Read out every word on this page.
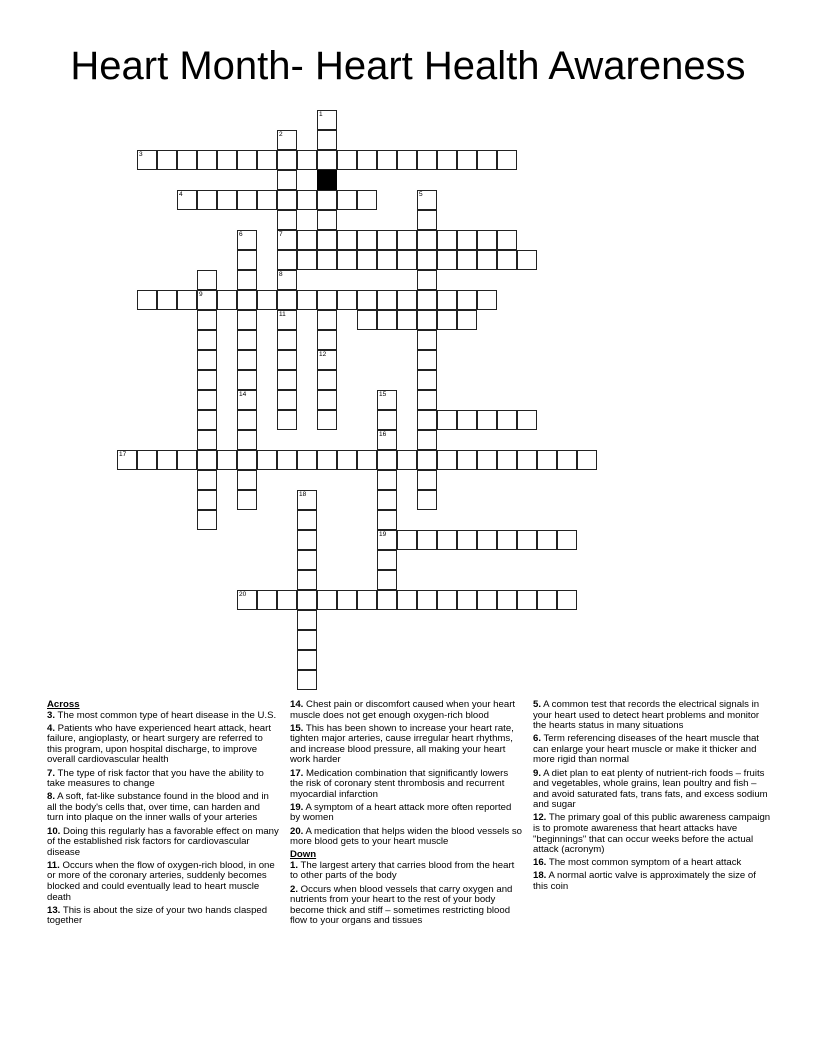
Heart Month- Heart Health Awareness
1
2
3
4	5
6	7
8
9
11
12
14	15
16
17
18
19
20
Across
3. The most common type of heart disease in the U.S.
4. Patients who have experienced heart attack, heart failure, angioplasty, or heart surgery are referred to this program, upon hospital discharge, to improve overall cardiovascular health
7. The type of risk factor that you have the ability to take measures to change
8. A soft, fat-like substance found in the blood and in all the body's cells that, over time, can harden and turn into plaque on the inner walls of your arteries
10. Doing this regularly has a favorable effect on many of the established risk factors for cardiovascular disease
11. Occurs when the flow of oxygen-rich blood, in one or more of the coronary arteries, suddenly becomes blocked and could eventually lead to heart muscle death
13. This is about the size of your two hands clasped together
14. Chest pain or discomfort caused when your heart muscle does not get enough oxygen-rich blood
15. This has been shown to increase your heart rate, tighten major arteries, cause irregular heart rhythms, and increase blood pressure, all making your heart work harder
17. Medication combination that significantly lowers the risk of coronary stent thrombosis and recurrent myocardial infarction
19. A symptom of a heart attack more often reported by women
20. A medication that helps widen the blood vessels so more blood gets to your heart muscle
Down
1. The largest artery that carries blood from the heart to other parts of the body
2. Occurs when blood vessels that carry oxygen and nutrients from your heart to the rest of your body become thick and stiff – sometimes restricting blood flow to your organs and tissues
5. A common test that records the electrical signals in your heart used to detect heart problems and monitor the hearts status in many situations
6. Term referencing diseases of the heart muscle that can enlarge your heart muscle or make it thicker and more rigid than normal
9. A diet plan to eat plenty of nutrient-rich foods – fruits and vegetables, whole grains, lean poultry and fish – and avoid saturated fats, trans fats, and excess sodium and sugar
12. The primary goal of this public awareness campaign is to promote awareness that heart attacks have "beginnings" that can occur weeks before the actual attack (acronym)
16. The most common symptom of a heart attack
18. A normal aortic valve is approximately the size of this coin
